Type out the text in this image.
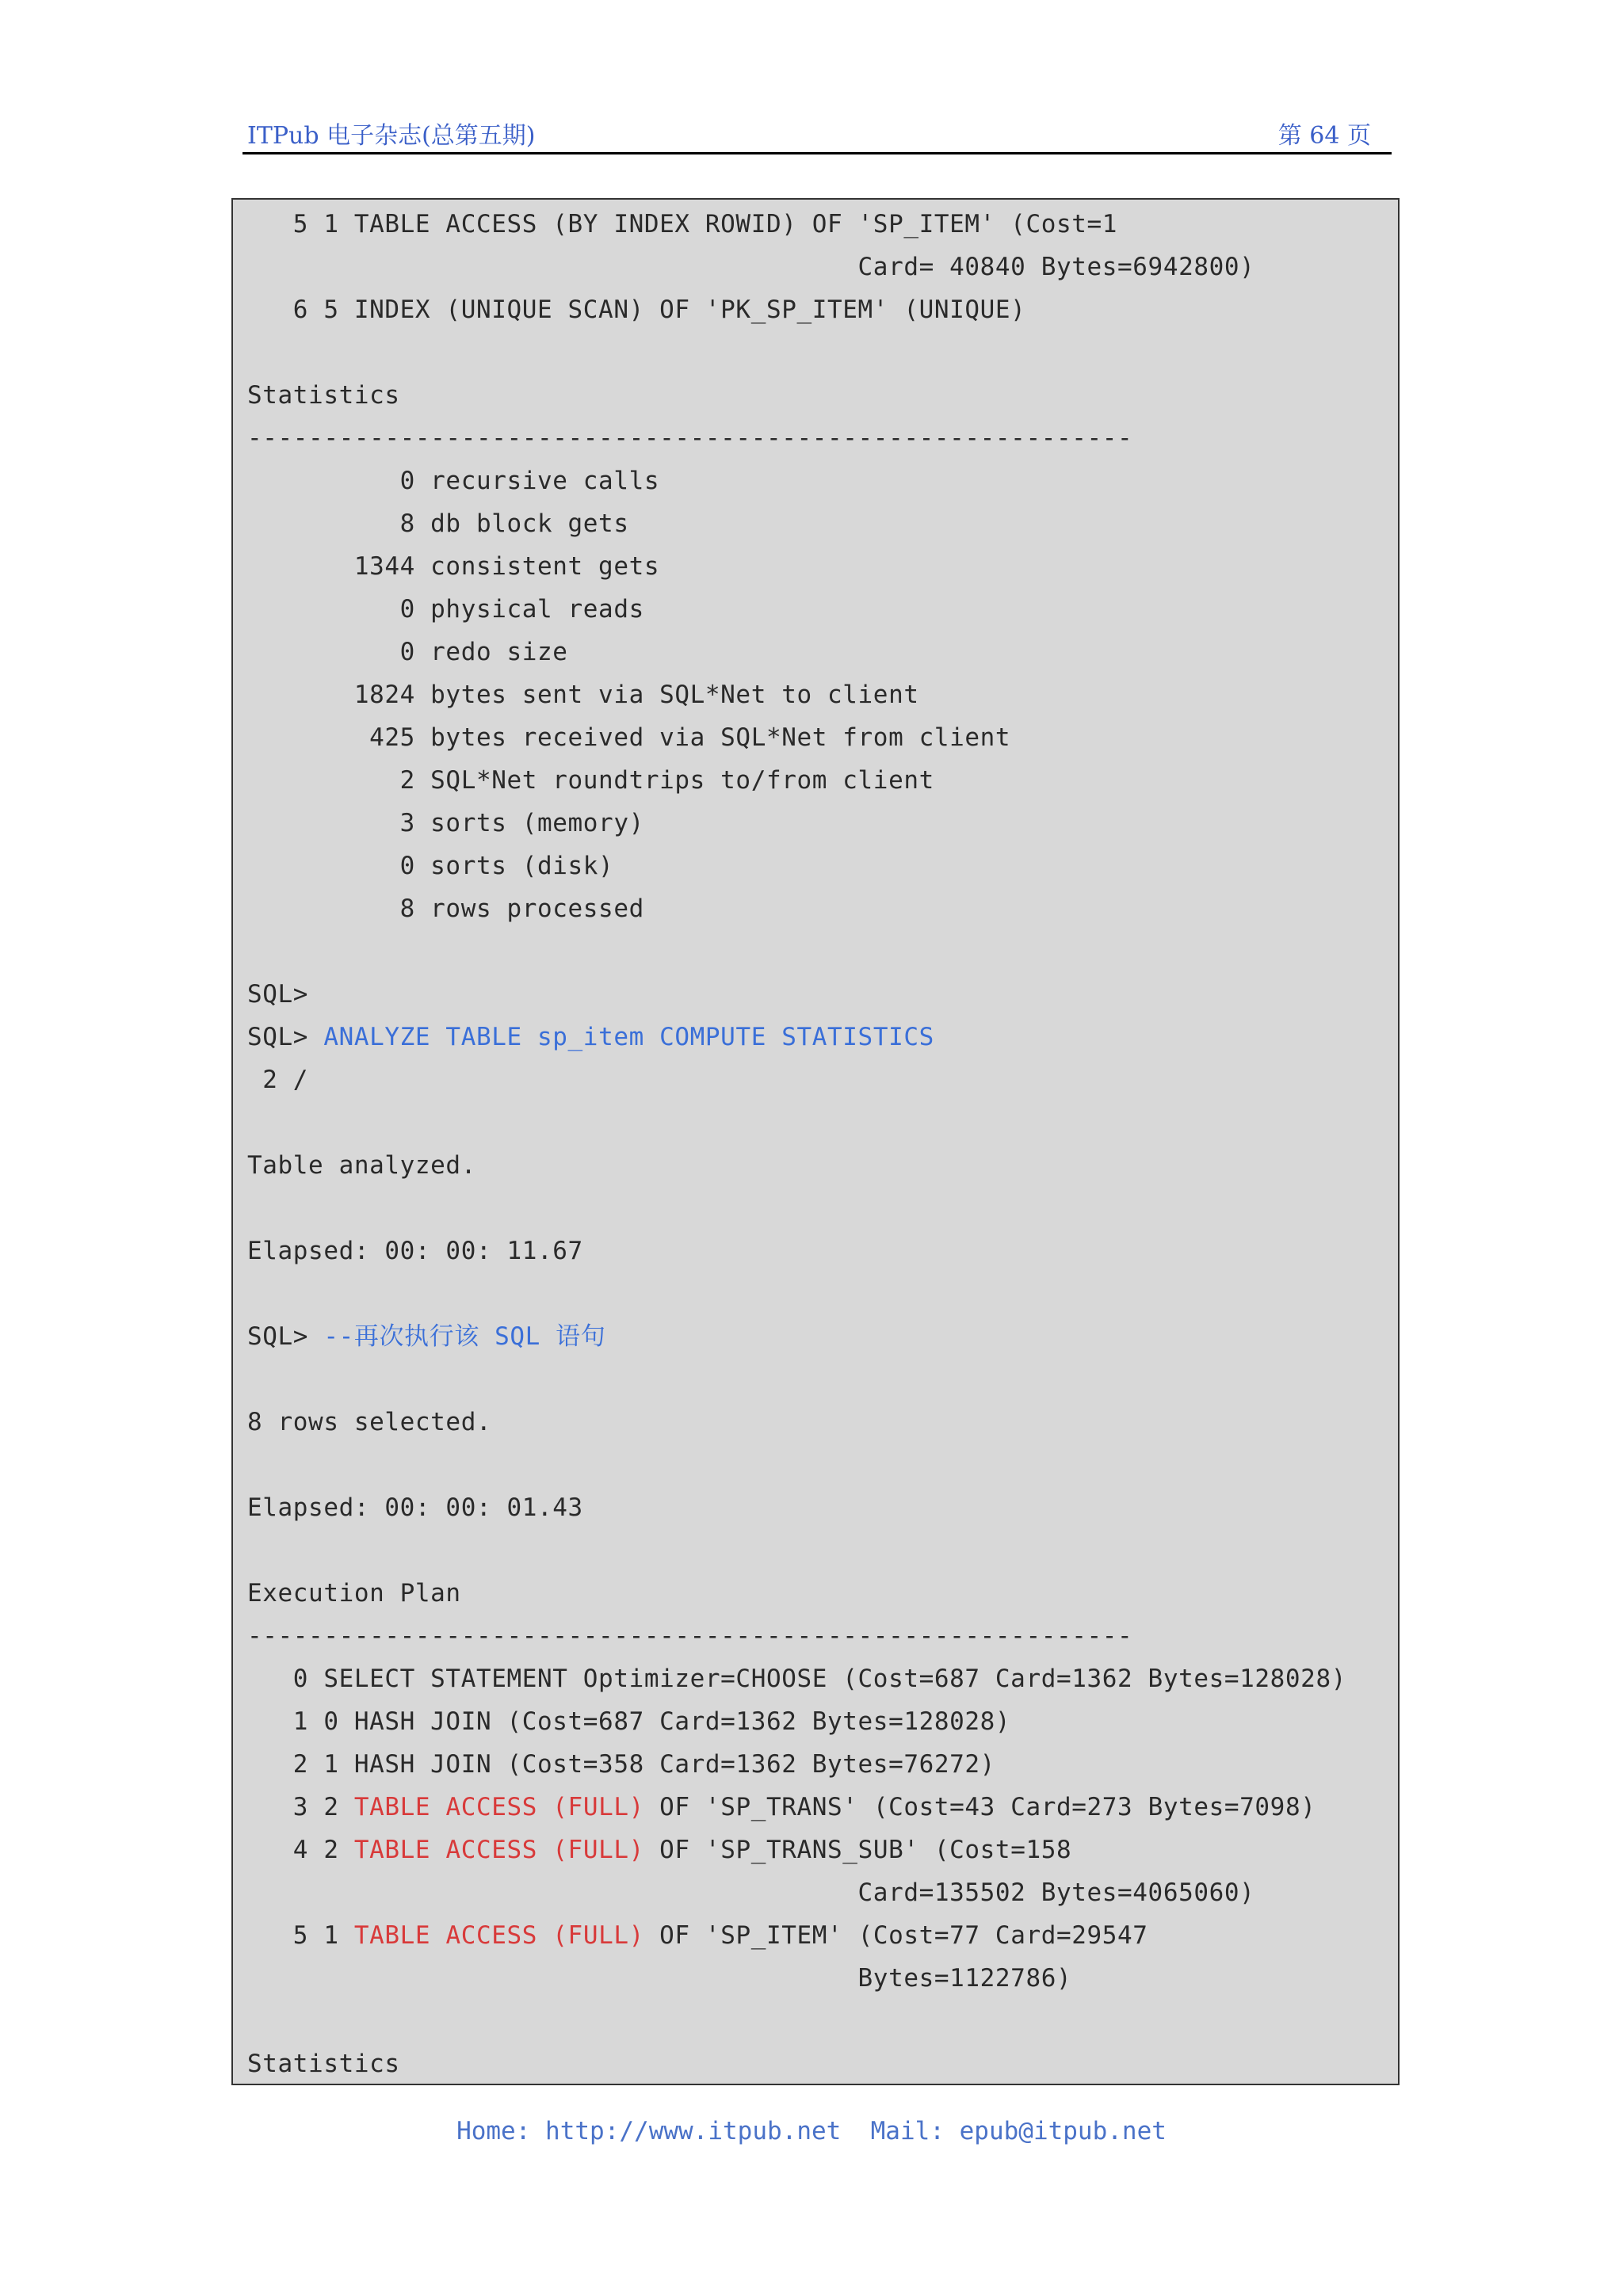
ITPub 电子杂志(总第五期)	第 64 页
5 1 TABLE ACCESS (BY INDEX ROWID) OF 'SP_ITEM' (Cost=1
Card= 40840 Bytes=6942800)
6 5 INDEX (UNIQUE SCAN) OF 'PK_SP_ITEM' (UNIQUE)
Statistics
----------------------------------------------------------
0 recursive calls
8 db block gets
1344 consistent gets
0 physical reads
0 redo size
1824 bytes sent via SQL*Net to client
425 bytes received via SQL*Net from client
2 SQL*Net roundtrips to/from client
3 sorts (memory)
0 sorts (disk)
8 rows processed
SQL>
SQL> ANALYZE TABLE sp_item COMPUTE STATISTICS
2 /
Table analyzed.
Elapsed: 00: 00: 11.67
SQL> --再次执行该 SQL 语句
8 rows selected.
Elapsed: 00: 00: 01.43
Execution Plan
----------------------------------------------------------
0 SELECT STATEMENT Optimizer=CHOOSE (Cost=687 Card=1362 Bytes=128028)
1 0 HASH JOIN (Cost=687 Card=1362 Bytes=128028)
2 1 HASH JOIN (Cost=358 Card=1362 Bytes=76272)
3 2 TABLE ACCESS (FULL) OF 'SP_TRANS' (Cost=43 Card=273 Bytes=7098)
4 2 TABLE ACCESS (FULL) OF 'SP_TRANS_SUB' (Cost=158
Card=135502 Bytes=4065060)
5 1 TABLE ACCESS (FULL) OF 'SP_ITEM' (Cost=77 Card=29547
Bytes=1122786)
Statistics
Home: http://www.itpub.net  Mail: epub@itpub.net
